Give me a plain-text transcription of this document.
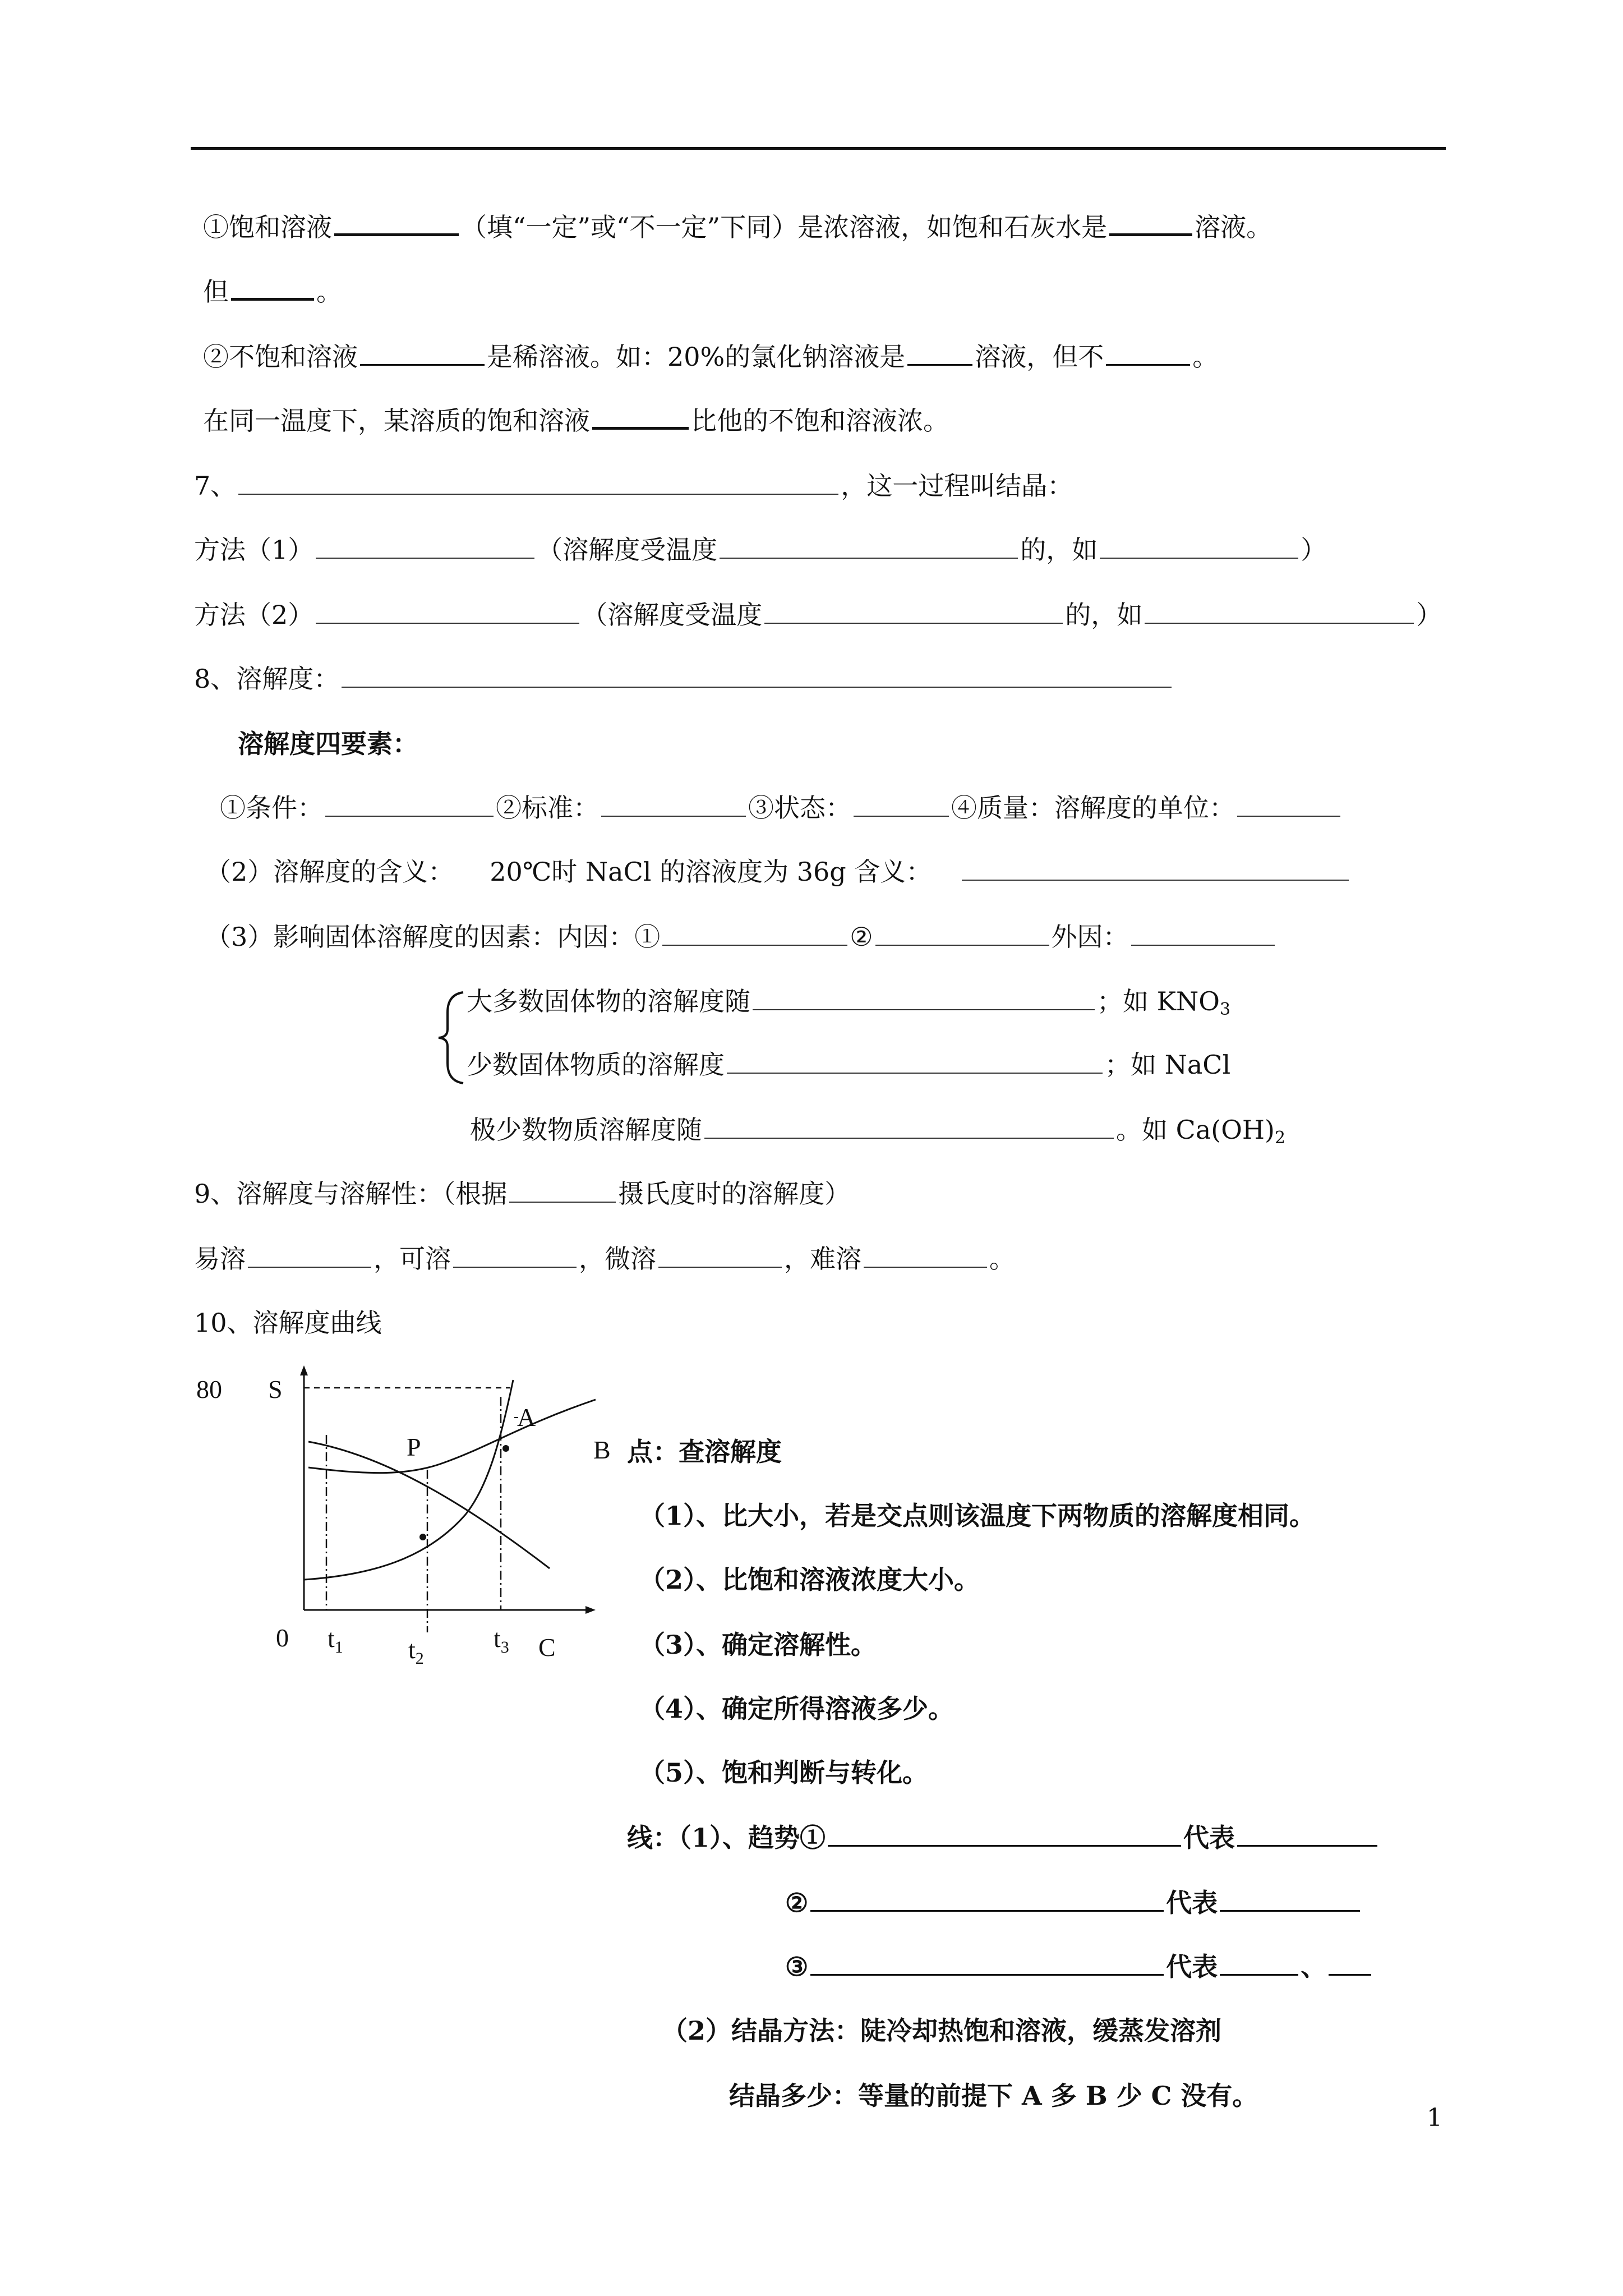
①饱和溶液	（填“一定”或“不一定”下同）是浓溶液，如饱和石灰水是	溶液。
但	。
②不饱和溶液	是稀溶液。如：20%的氯化钠溶液是	溶液，但不	。
在同一温度下，某溶质的饱和溶液	比他的不饱和溶液浓。
7、	，这一过程叫结晶：
方法（1）	（溶解度受温度	的，如	）
方法（2）	（溶解度受温度	的，如	）
8、溶解度：
溶解度四要素：
①条件：	②标准：	③状态：	④质量：溶解度的单位：
（2）溶解度的含义： 20℃时 NaCl 的溶液度为 36g 含义：
（3）影响固体溶解度的因素：内因：①	②	外因：
大多数固体物的溶解度随	；如 $KNO_3$
少数固体物质的溶解度	；如 NaCl
极少数物质溶解度随	。如 $Ca(OH)_2$
9、溶解度与溶解性：（根据	摄氏度时的溶解度）
易溶	，可溶	，微溶	，难溶	。
10、溶解度曲线
80 S
0
P
A
B
C
$t_1$	$t_2$
$t_3$
点：查溶解度
（1）、比大小，若是交点则该温度下两物质的溶解度相同。
（2）、比饱和溶液浓度大小。
（3）、确定溶解性。
（4）、确定所得溶液多少。
（5）、饱和判断与转化。
线：（1）、趋势①	代表
②	代表
③	代表	、
（2）结晶方法：陡冷却热饱和溶液，缓蒸发溶剂
结晶多少：等量的前提下 A 多 B 少 C 没有。
1
